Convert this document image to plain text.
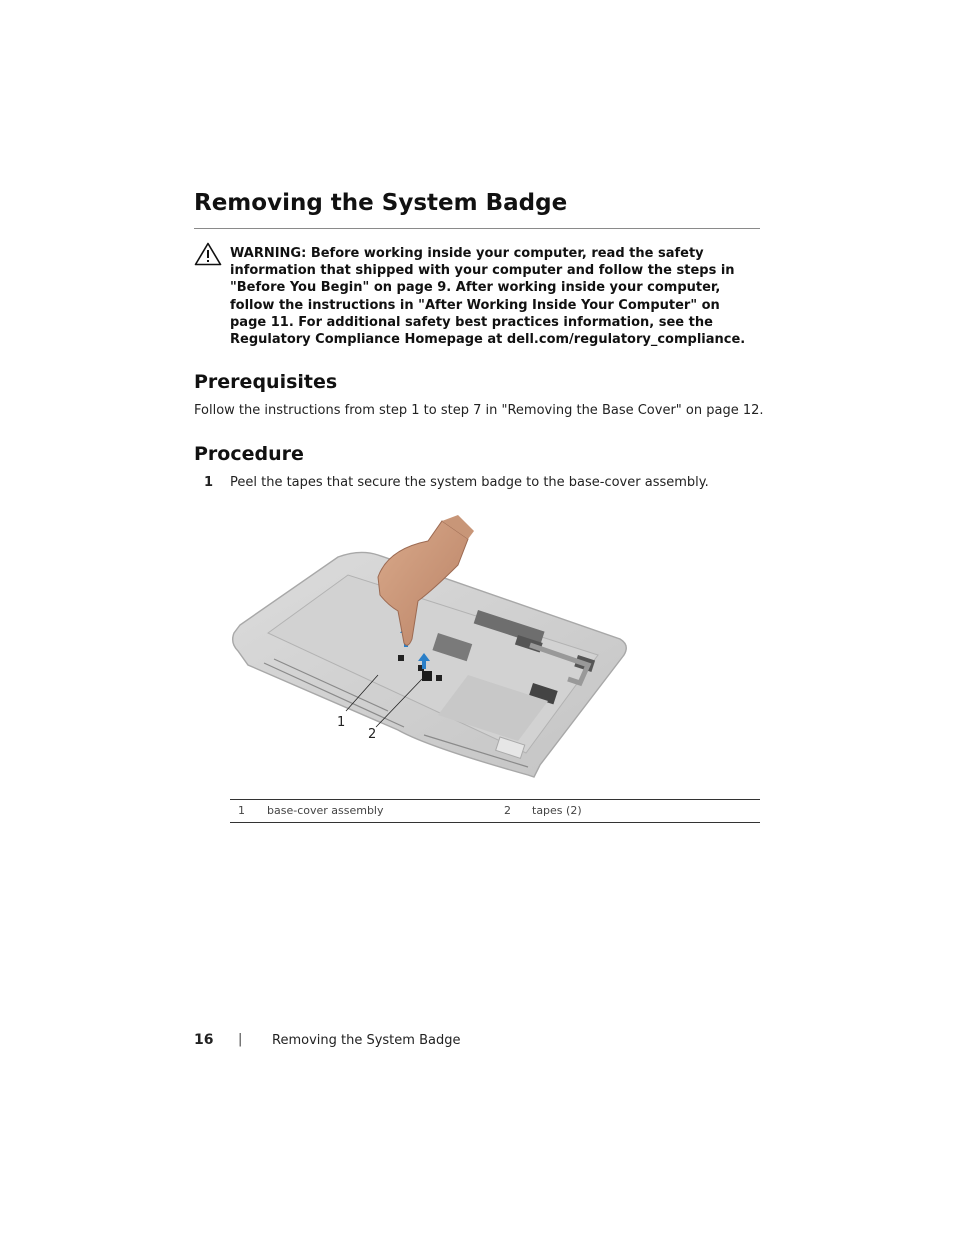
Removing the System Badge

WARNING: Before working inside your computer, read the safety information that shipped with your computer and follow the steps in "Before You Begin" on page 9. After working inside your computer, follow the instructions in "After Working Inside Your Computer" on page 11. For additional safety best practices information, see the Regulatory Compliance Homepage at dell.com/regulatory_compliance.

Prerequisites

Follow the instructions from step 1 to step 7 in "Removing the Base Cover" on page 12.

Procedure
1 Peel the tapes that secure the system badge to the base-cover assembly.
1
2
1 base-cover assembly	2 tapes (2)
16 | Removing the System Badge
